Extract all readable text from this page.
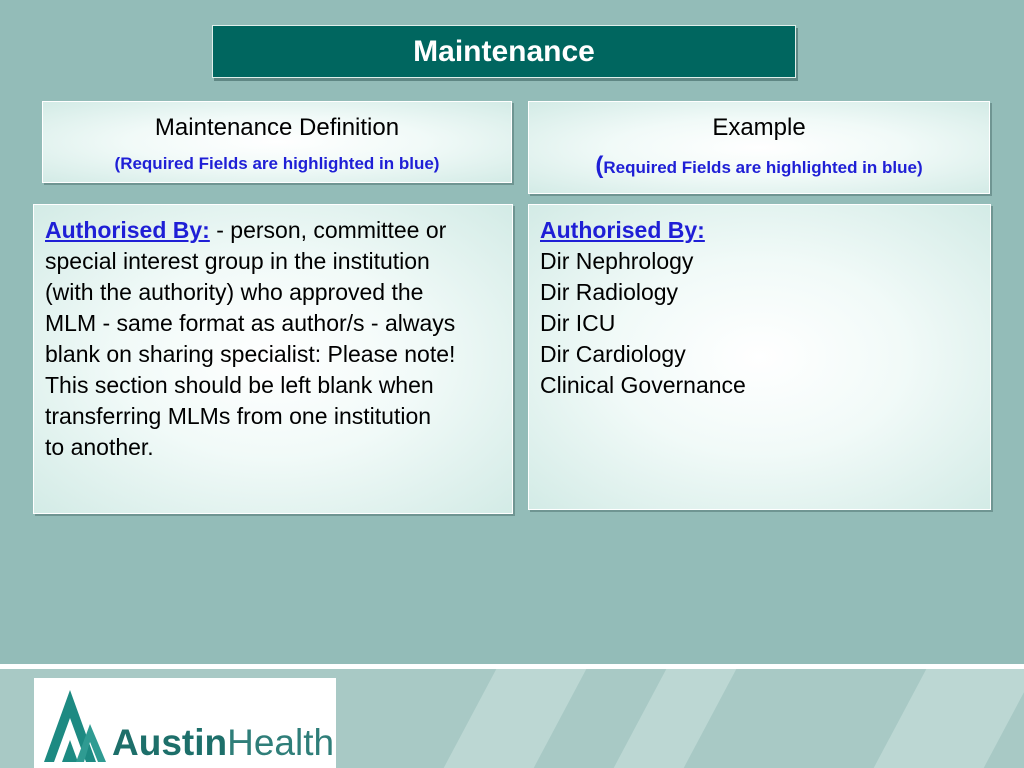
Maintenance
Maintenance Definition
(Required Fields are highlighted in blue)
Example
(Required Fields are highlighted in blue)
Authorised By: - person, committee or
special interest group in the institution
(with the authority) who approved the
MLM - same format as author/s - always
blank on sharing specialist: Please note!
This section should be left blank when
transferring MLMs from one institution
to another.
Authorised By:
Dir Nephrology
Dir Radiology
Dir ICU
Dir Cardiology
Clinical Governance
AustinHealth
